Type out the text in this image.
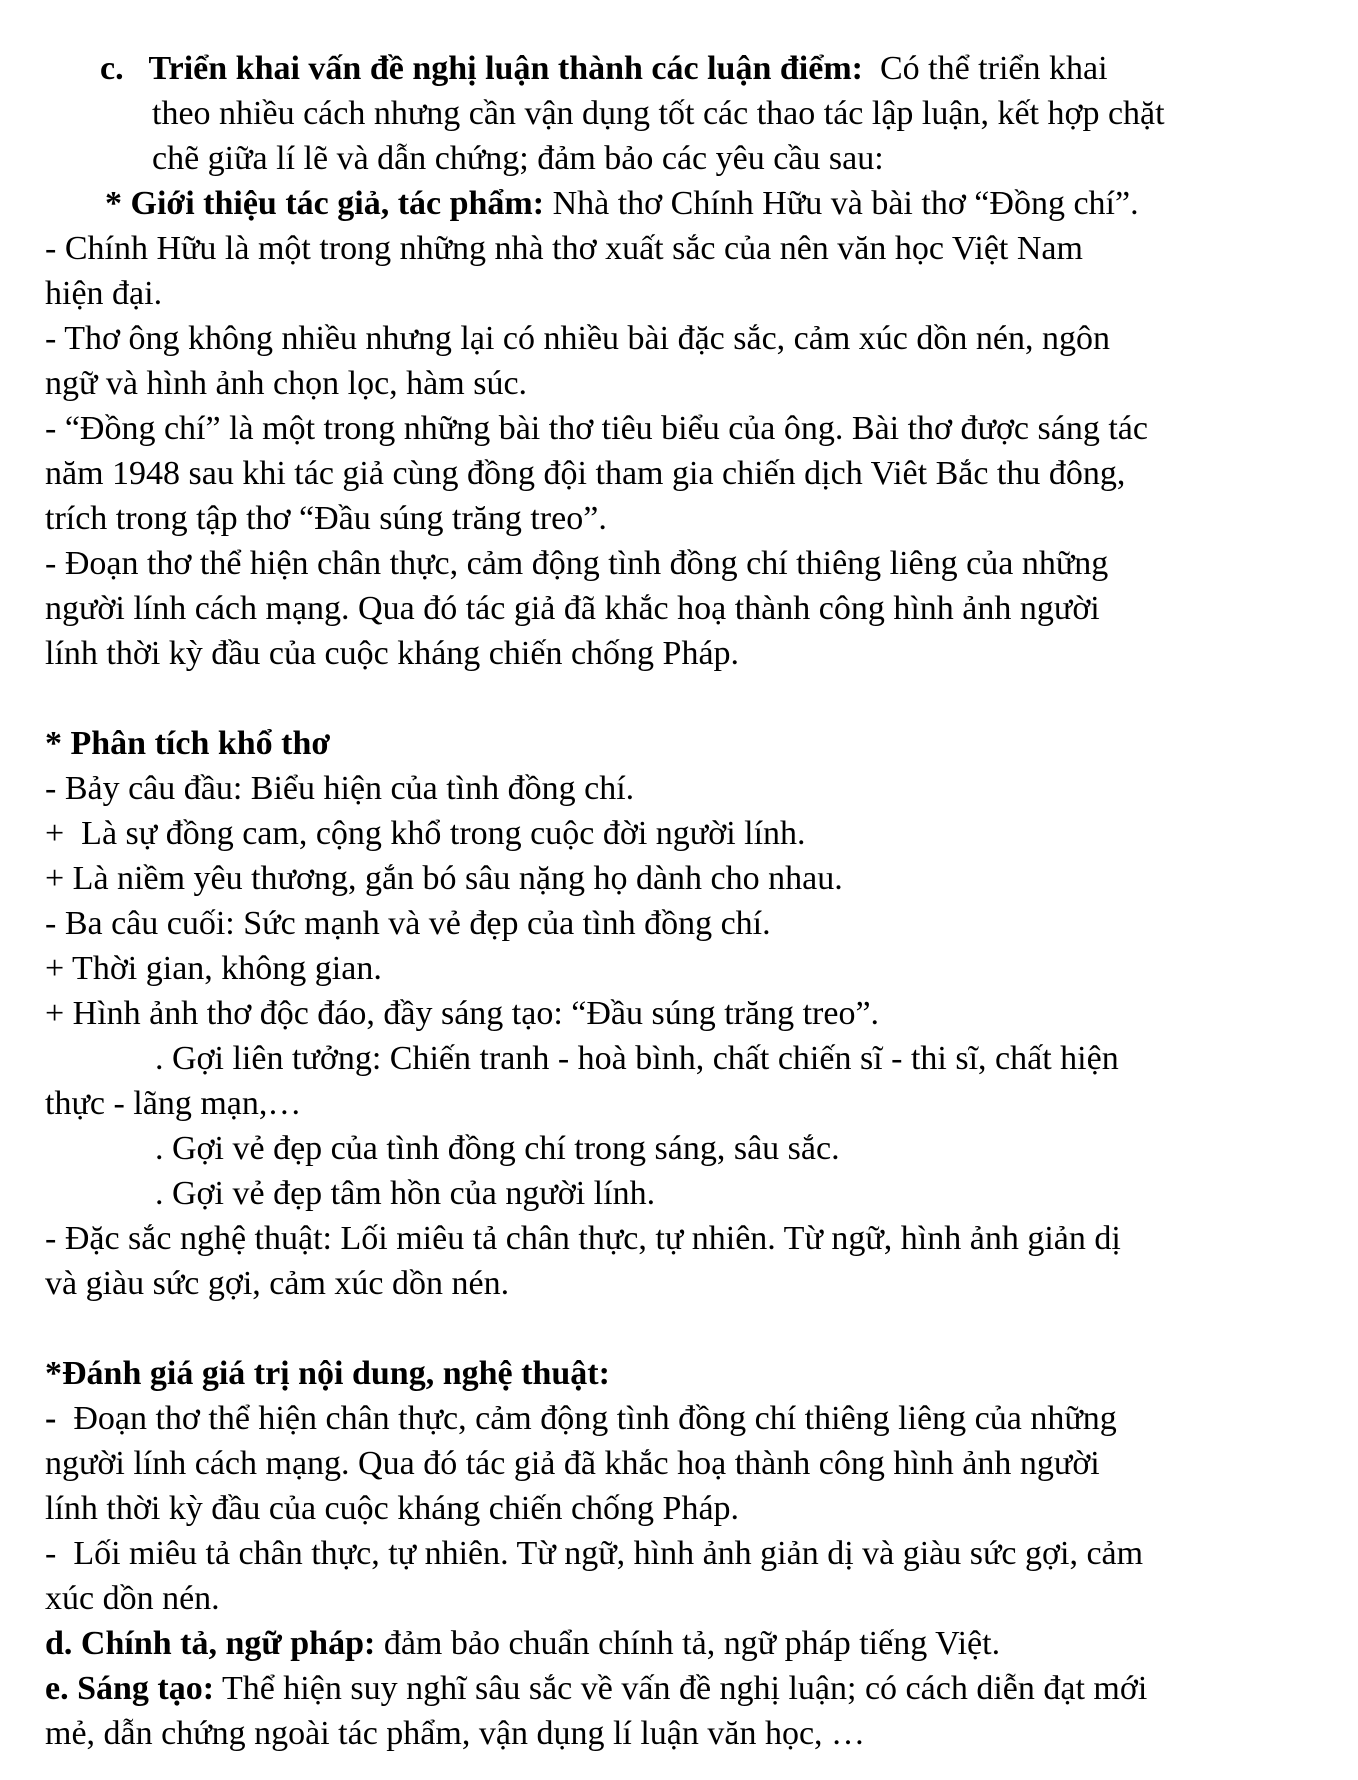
c.   Triển khai vấn đề nghị luận thành các luận điểm:  Có thể triển khai
theo nhiều cách nhưng cần vận dụng tốt các thao tác lập luận, kết hợp chặt
chẽ giữa lí lẽ và dẫn chứng; đảm bảo các yêu cầu sau:
* Giới thiệu tác giả, tác phẩm: Nhà thơ Chính Hữu và bài thơ “Đồng chí”.
- Chính Hữu là một trong những nhà thơ xuất sắc của nên văn học Việt Nam
hiện đại.
- Thơ ông không nhiều nhưng lại có nhiều bài đặc sắc, cảm xúc dồn nén, ngôn
ngữ và hình ảnh chọn lọc, hàm súc.
- “Đồng chí” là một trong những bài thơ tiêu biểu của ông. Bài thơ được sáng tác
năm 1948 sau khi tác giả cùng đồng đội tham gia chiến dịch Viêt Bắc thu đông,
trích trong tập thơ “Đầu súng trăng treo”.
- Đoạn thơ thể hiện chân thực, cảm động tình đồng chí thiêng liêng của những
người lính cách mạng. Qua đó tác giả đã khắc hoạ thành công hình ảnh người
lính thời kỳ đầu của cuộc kháng chiến chống Pháp.
* Phân tích khổ thơ
- Bảy câu đầu: Biểu hiện của tình đồng chí.
+  Là sự đồng cam, cộng khổ trong cuộc đời người lính.
+ Là niềm yêu thương, gắn bó sâu nặng họ dành cho nhau.
- Ba câu cuối: Sức mạnh và vẻ đẹp của tình đồng chí.
+ Thời gian, không gian.
+ Hình ảnh thơ độc đáo, đầy sáng tạo: “Đầu súng trăng treo”.
. Gợi liên tưởng: Chiến tranh - hoà bình, chất chiến sĩ - thi sĩ, chất hiện
thực - lãng mạn,…
. Gợi vẻ đẹp của tình đồng chí trong sáng, sâu sắc.
. Gợi vẻ đẹp tâm hồn của người lính.
- Đặc sắc nghệ thuật: Lối miêu tả chân thực, tự nhiên. Từ ngữ, hình ảnh giản dị
và giàu sức gợi, cảm xúc dồn nén.
*Đánh giá giá trị nội dung, nghệ thuật:
-  Đoạn thơ thể hiện chân thực, cảm động tình đồng chí thiêng liêng của những
người lính cách mạng. Qua đó tác giả đã khắc hoạ thành công hình ảnh người
lính thời kỳ đầu của cuộc kháng chiến chống Pháp.
-  Lối miêu tả chân thực, tự nhiên. Từ ngữ, hình ảnh giản dị và giàu sức gợi, cảm
xúc dồn nén.
d. Chính tả, ngữ pháp: đảm bảo chuẩn chính tả, ngữ pháp tiếng Việt.
e. Sáng tạo: Thể hiện suy nghĩ sâu sắc về vấn đề nghị luận; có cách diễn đạt mới
mẻ, dẫn chứng ngoài tác phẩm, vận dụng lí luận văn học, …
